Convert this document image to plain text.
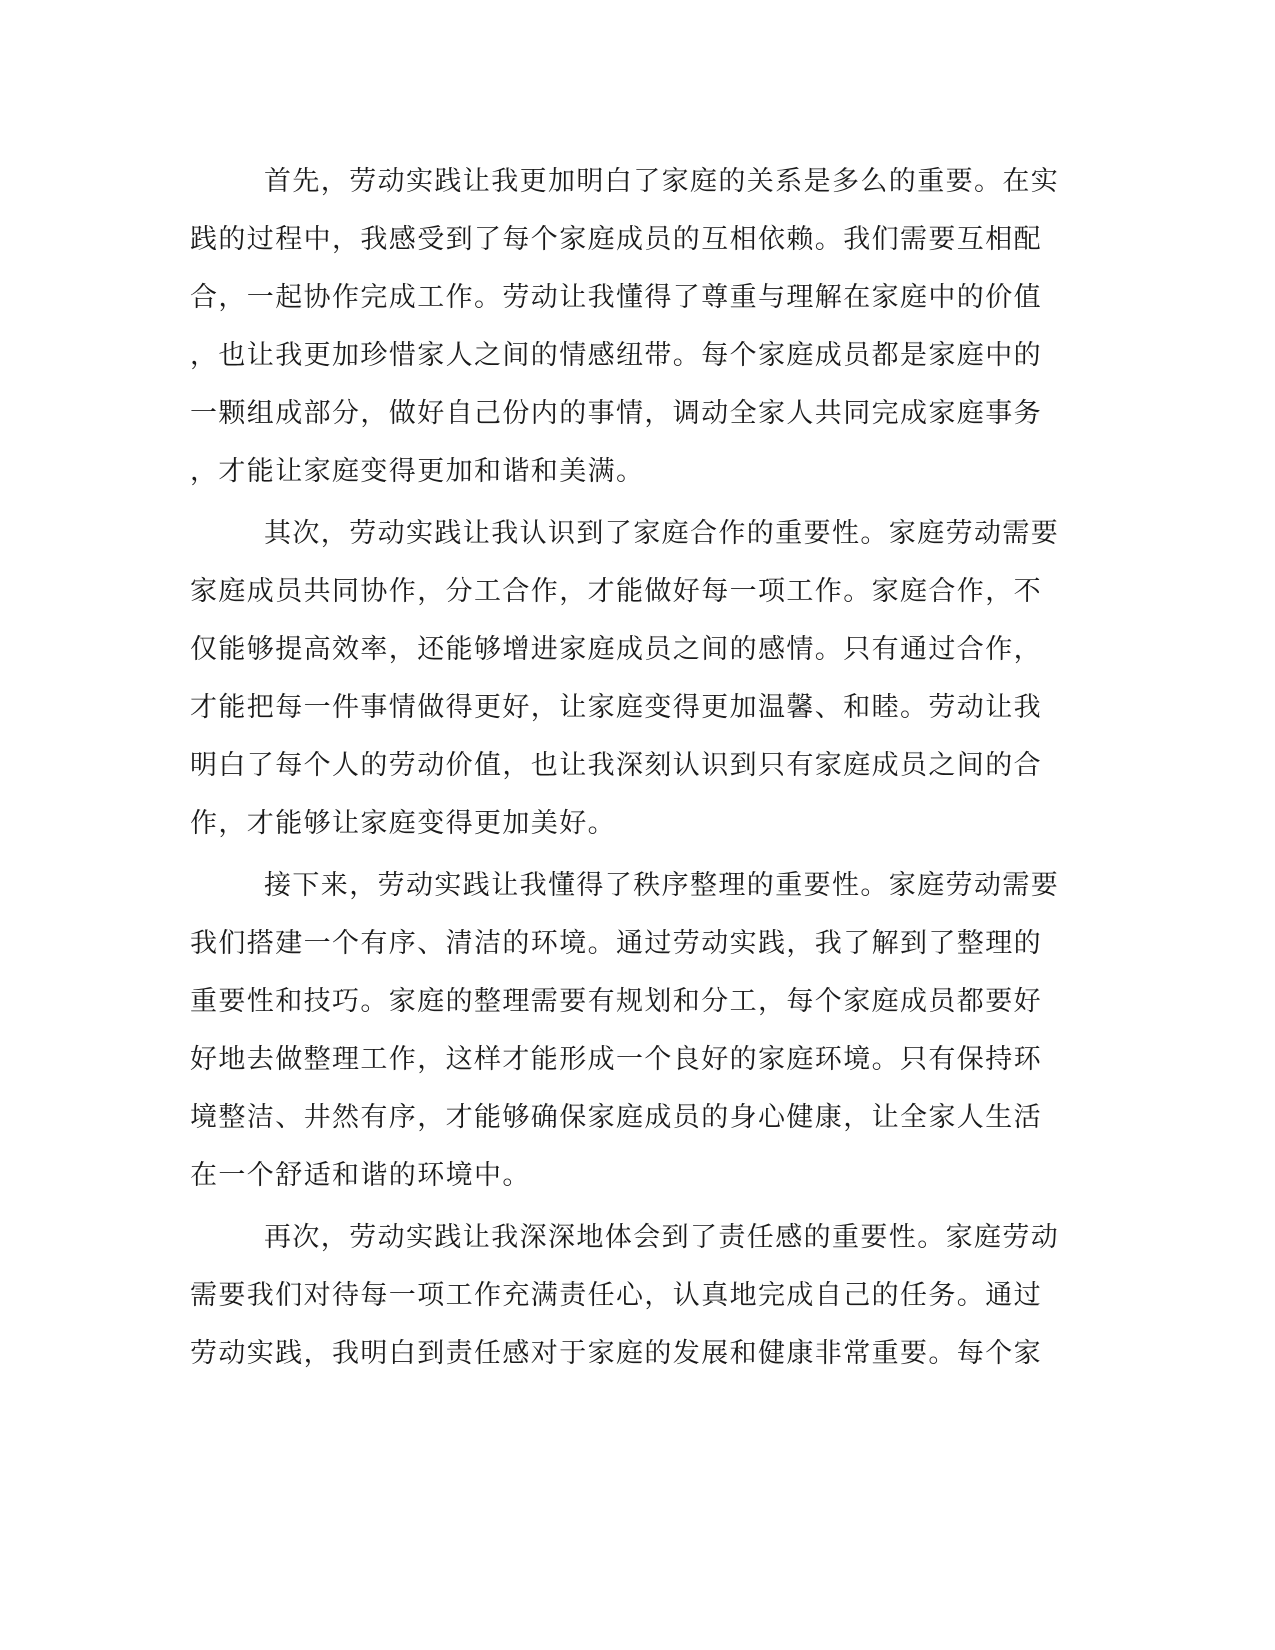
首先，劳动实践让我更加明白了家庭的关系是多么的重要。在实
践的过程中，我感受到了每个家庭成员的互相依赖。我们需要互相配
合，一起协作完成工作。劳动让我懂得了尊重与理解在家庭中的价值
，也让我更加珍惜家人之间的情感纽带。每个家庭成员都是家庭中的
一颗组成部分，做好自己份内的事情，调动全家人共同完成家庭事务
，才能让家庭变得更加和谐和美满。
其次，劳动实践让我认识到了家庭合作的重要性。家庭劳动需要
家庭成员共同协作，分工合作，才能做好每一项工作。家庭合作，不
仅能够提高效率，还能够增进家庭成员之间的感情。只有通过合作，
才能把每一件事情做得更好，让家庭变得更加温馨、和睦。劳动让我
明白了每个人的劳动价值，也让我深刻认识到只有家庭成员之间的合
作，才能够让家庭变得更加美好。
接下来，劳动实践让我懂得了秩序整理的重要性。家庭劳动需要
我们搭建一个有序、清洁的环境。通过劳动实践，我了解到了整理的
重要性和技巧。家庭的整理需要有规划和分工，每个家庭成员都要好
好地去做整理工作，这样才能形成一个良好的家庭环境。只有保持环
境整洁、井然有序，才能够确保家庭成员的身心健康，让全家人生活
在一个舒适和谐的环境中。
再次，劳动实践让我深深地体会到了责任感的重要性。家庭劳动
需要我们对待每一项工作充满责任心，认真地完成自己的任务。通过
劳动实践，我明白到责任感对于家庭的发展和健康非常重要。每个家
